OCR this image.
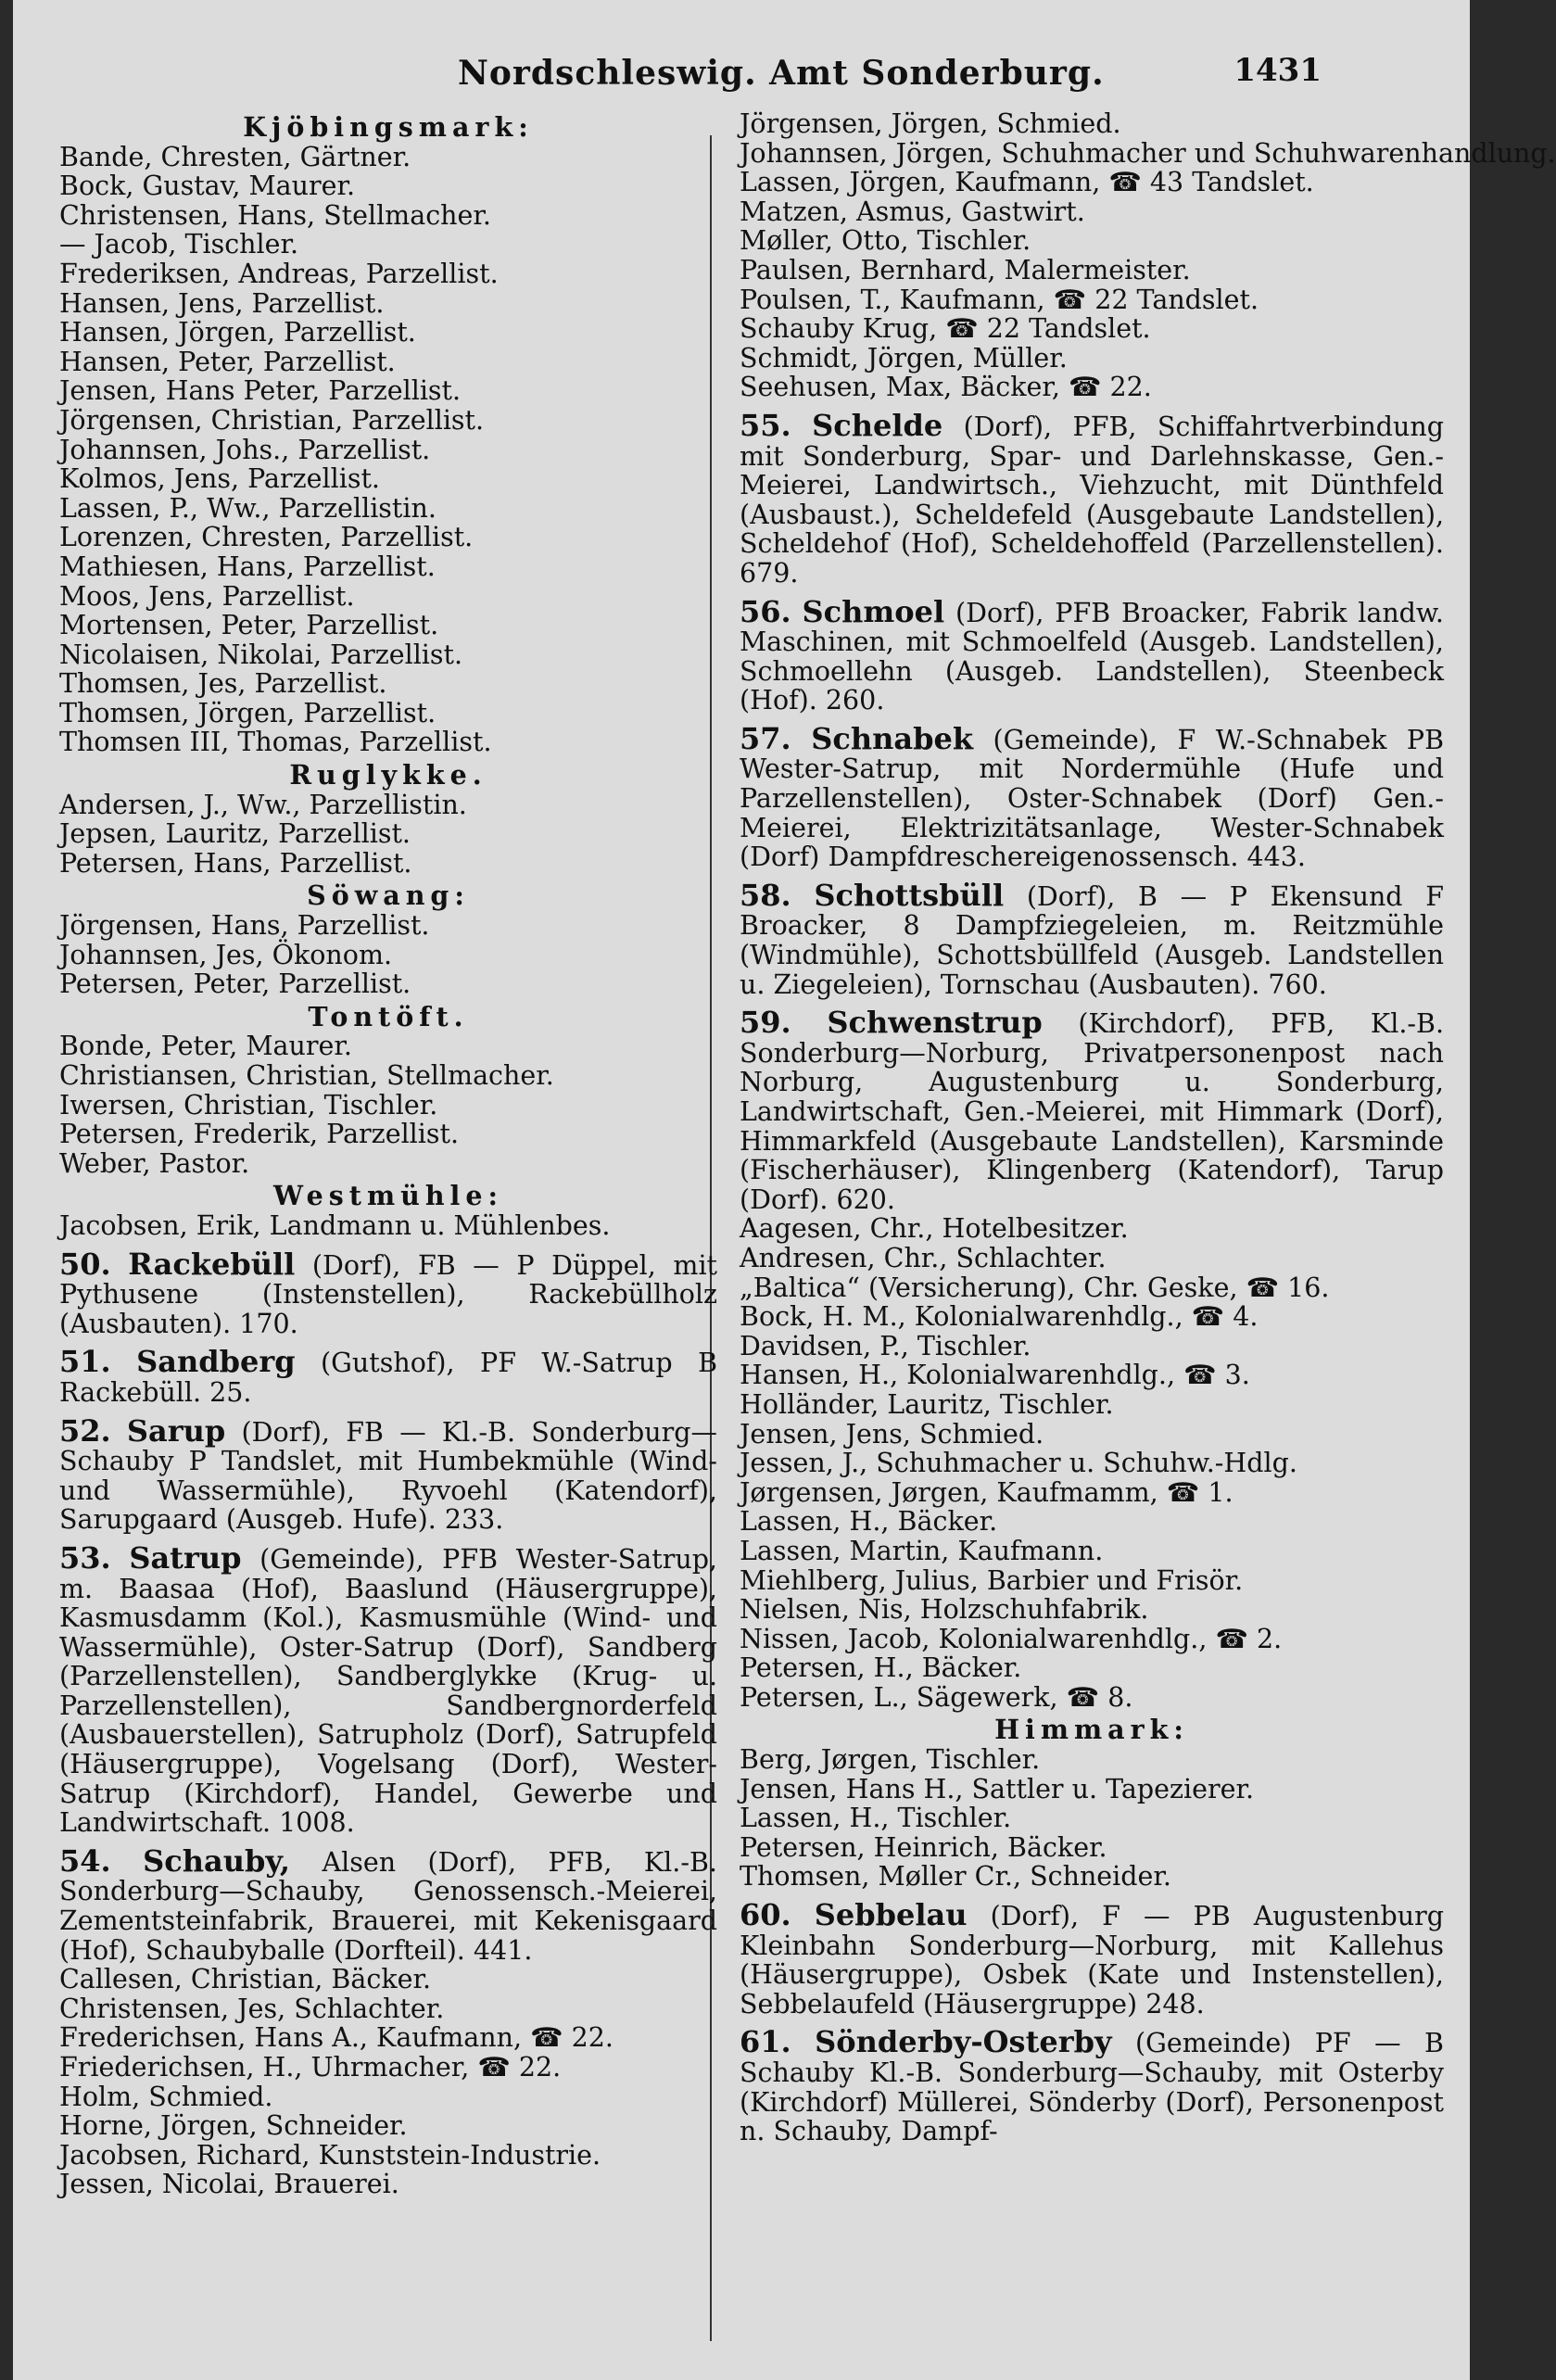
Nordschleswig. Amt Sonderburg.	1431
Kjöbingsmark:
Bande, Chresten, Gärtner.
Bock, Gustav, Maurer.
Christensen, Hans, Stellmacher.
— Jacob, Tischler.
Frederiksen, Andreas, Parzellist.
Hansen, Jens, Parzellist.
Hansen, Jörgen, Parzellist.
Hansen, Peter, Parzellist.
Jensen, Hans Peter, Parzellist.
Jörgensen, Christian, Parzellist.
Johannsen, Johs., Parzellist.
Kolmos, Jens, Parzellist.
Lassen, P., Ww., Parzellistin.
Lorenzen, Chresten, Parzellist.
Mathiesen, Hans, Parzellist.
Moos, Jens, Parzellist.
Mortensen, Peter, Parzellist.
Nicolaisen, Nikolai, Parzellist.
Thomsen, Jes, Parzellist.
Thomsen, Jörgen, Parzellist.
Thomsen III, Thomas, Parzellist.
Ruglykke.
Andersen, J., Ww., Parzellistin.
Jepsen, Lauritz, Parzellist.
Petersen, Hans, Parzellist.
Söwang:
Jörgensen, Hans, Parzellist.
Johannsen, Jes, Ökonom.
Petersen, Peter, Parzellist.
Tontöft.
Bonde, Peter, Maurer.
Christiansen, Christian, Stellmacher.
Iwersen, Christian, Tischler.
Petersen, Frederik, Parzellist.
Weber, Pastor.
Westmühle:
Jacobsen, Erik, Landmann u. Mühlenbes.
50. Rackebüll (Dorf), FB — P Düppel, mit Pythusene (Instenstellen), Rackebüllholz (Ausbauten). 170.
51. Sandberg (Gutshof), PF W.-Satrup B Rackebüll. 25.
52. Sarup (Dorf), FB — Kl.-B. Sonderburg—Schauby P Tandslet, mit Humbekmühle (Wind- und Wassermühle), Ryvoehl (Katendorf), Sarupgaard (Ausgeb. Hufe). 233.
53. Satrup (Gemeinde), PFB Wester-Satrup, m. Baasaa (Hof), Baaslund (Häusergruppe), Kasmusdamm (Kol.), Kasmusmühle (Wind- und Wassermühle), Oster-Satrup (Dorf), Sandberg (Parzellenstellen), Sandberglykke (Krug- u. Parzellenstellen), Sandbergnorderfeld (Ausbauerstellen), Satrupholz (Dorf), Satrupfeld (Häusergruppe), Vogelsang (Dorf), Wester-Satrup (Kirchdorf), Handel, Gewerbe und Landwirtschaft. 1008.
54. Schauby, Alsen (Dorf), PFB, Kl.-B. Sonderburg—Schauby, Genossensch.-Meierei, Zementsteinfabrik, Brauerei, mit Kekenisgaard (Hof), Schaubyballe (Dorfteil). 441.
Callesen, Christian, Bäcker.
Christensen, Jes, Schlachter.
Frederichsen, Hans A., Kaufmann, ☎ 22.
Friederichsen, H., Uhrmacher, ☎ 22.
Holm, Schmied.
Horne, Jörgen, Schneider.
Jacobsen, Richard, Kunststein-Industrie.
Jessen, Nicolai, Brauerei.
Jörgensen, Jörgen, Schmied.
Johannsen, Jörgen, Schuhmacher und Schuhwarenhandlung.
Lassen, Jörgen, Kaufmann, ☎ 43 Tandslet.
Matzen, Asmus, Gastwirt.
Møller, Otto, Tischler.
Paulsen, Bernhard, Malermeister.
Poulsen, T., Kaufmann, ☎ 22 Tandslet.
Schauby Krug, ☎ 22 Tandslet.
Schmidt, Jörgen, Müller.
Seehusen, Max, Bäcker, ☎ 22.
55. Schelde (Dorf), PFB, Schiffahrtverbindung mit Sonderburg, Spar- und Darlehnskasse, Gen.-Meierei, Landwirtsch., Viehzucht, mit Dünthfeld (Ausbaust.), Scheldefeld (Ausgebaute Landstellen), Scheldehof (Hof), Scheldehoffeld (Parzellenstellen). 679.
56. Schmoel (Dorf), PFB Broacker, Fabrik landw. Maschinen, mit Schmoelfeld (Ausgeb. Landstellen), Schmoellehn (Ausgeb. Landstellen), Steenbeck (Hof). 260.
57. Schnabek (Gemeinde), F W.-Schnabek PB Wester-Satrup, mit Nordermühle (Hufe und Parzellenstellen), Oster-Schnabek (Dorf) Gen.-Meierei, Elektrizitätsanlage, Wester-Schnabek (Dorf) Dampfdreschereigenossensch. 443.
58. Schottsbüll (Dorf), B — P Ekensund F Broacker, 8 Dampfziegeleien, m. Reitzmühle (Windmühle), Schottsbüllfeld (Ausgeb. Landstellen u. Ziegeleien), Tornschau (Ausbauten). 760.
59. Schwenstrup (Kirchdorf), PFB, Kl.-B. Sonderburg—Norburg, Privatpersonenpost nach Norburg, Augustenburg u. Sonderburg, Landwirtschaft, Gen.-Meierei, mit Himmark (Dorf), Himmarkfeld (Ausgebaute Landstellen), Karsminde (Fischerhäuser), Klingenberg (Katendorf), Tarup (Dorf). 620.
Aagesen, Chr., Hotelbesitzer.
Andresen, Chr., Schlachter.
„Baltica“ (Versicherung), Chr. Geske, ☎ 16.
Bock, H. M., Kolonialwarenhdlg., ☎ 4.
Davidsen, P., Tischler.
Hansen, H., Kolonialwarenhdlg., ☎ 3.
Holländer, Lauritz, Tischler.
Jensen, Jens, Schmied.
Jessen, J., Schuhmacher u. Schuhw.-Hdlg.
Jørgensen, Jørgen, Kaufmamm, ☎ 1.
Lassen, H., Bäcker.
Lassen, Martin, Kaufmann.
Miehlberg, Julius, Barbier und Frisör.
Nielsen, Nis, Holzschuhfabrik.
Nissen, Jacob, Kolonialwarenhdlg., ☎ 2.
Petersen, H., Bäcker.
Petersen, L., Sägewerk, ☎ 8.
Himmark:
Berg, Jørgen, Tischler.
Jensen, Hans H., Sattler u. Tapezierer.
Lassen, H., Tischler.
Petersen, Heinrich, Bäcker.
Thomsen, Møller Cr., Schneider.
60. Sebbelau (Dorf), F — PB Augustenburg Kleinbahn Sonderburg—Norburg, mit Kallehus (Häusergruppe), Osbek (Kate und Instenstellen), Sebbelaufeld (Häusergruppe) 248.
61. Sönderby-Osterby (Gemeinde) PF — B Schauby Kl.-B. Sonderburg—Schauby, mit Osterby (Kirchdorf) Müllerei, Sönderby (Dorf), Personenpost n. Schauby, Dampf-
